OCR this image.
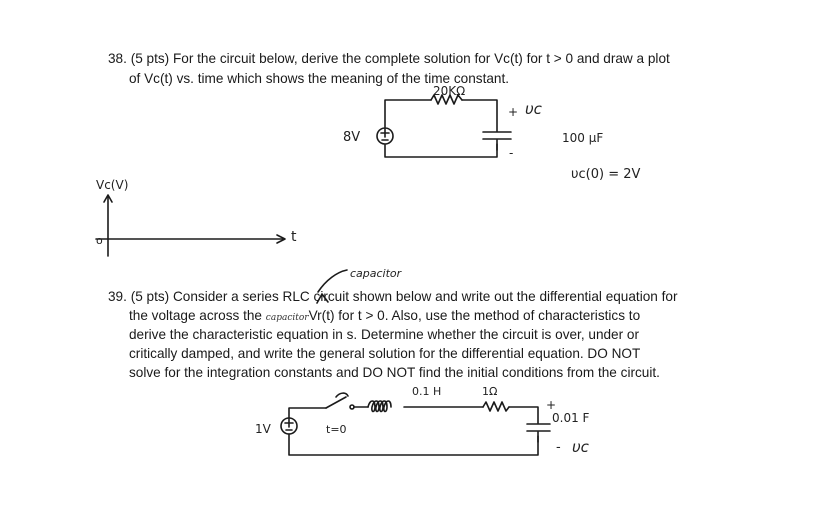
38. (5 pts) For the circuit below, derive the complete solution for Vc(t) for t > 0 and draw a plot
of Vc(t) vs. time which shows the meaning of the time constant.
39. (5 pts) Consider a series RLC circuit shown below and write out the differential equation for
the voltage across the capacitorVr(t) for t > 0. Also, use the method of characteristics to
derive the characteristic equation in s. Determine whether the circuit is over, under or
critically damped, and write the general solution for the differential equation. DO NOT
solve for the integration constants and DO NOT find the initial conditions from the circuit.
20KΩ
+ υc
100 µF
-
8V
υc(0) = 2V
Vc(V)
t
capacitor
0.1 H	1Ω
+
0.01 F
- υc
1V	t=0
o
